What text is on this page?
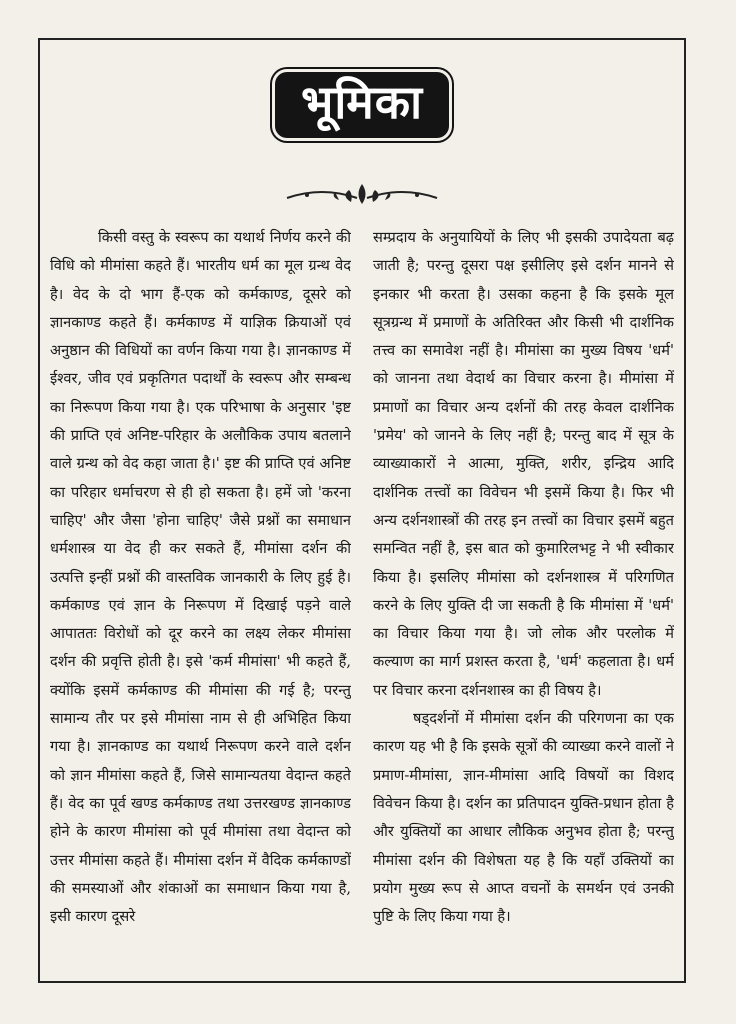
भूमिका

किसी वस्तु के स्वरूप का यथार्थ निर्णय करने की विधि को मीमांसा कहते हैं। भारतीय धर्म का मूल ग्रन्थ वेद है। वेद के दो भाग हैं-एक को कर्मकाण्ड, दूसरे को ज्ञानकाण्ड कहते हैं। कर्मकाण्ड में याज्ञिक क्रियाओं एवं अनुष्ठान की विधियों का वर्णन किया गया है। ज्ञानकाण्ड में ईश्वर, जीव एवं प्रकृतिगत पदार्थों के स्वरूप और सम्बन्ध का निरूपण किया गया है। एक परिभाषा के अनुसार 'इष्ट की प्राप्ति एवं अनिष्ट-परिहार के अलौकिक उपाय बतलाने वाले ग्रन्थ को वेद कहा जाता है।' इष्ट की प्राप्ति एवं अनिष्ट का परिहार धर्माचरण से ही हो सकता है। हमें जो 'करना चाहिए' और जैसा 'होना चाहिए' जैसे प्रश्नों का समाधान धर्मशास्त्र या वेद ही कर सकते हैं, मीमांसा दर्शन की उत्पत्ति इन्हीं प्रश्नों की वास्तविक जानकारी के लिए हुई है। कर्मकाण्ड एवं ज्ञान के निरूपण में दिखाई पड़ने वाले आपाततः विरोधों को दूर करने का लक्ष्य लेकर मीमांसा दर्शन की प्रवृत्ति होती है। इसे 'कर्म मीमांसा' भी कहते हैं, क्योंकि इसमें कर्मकाण्ड की मीमांसा की गई है; परन्तु सामान्य तौर पर इसे मीमांसा नाम से ही अभिहित किया गया है। ज्ञानकाण्ड का यथार्थ निरूपण करने वाले दर्शन को ज्ञान मीमांसा कहते हैं, जिसे सामान्यतया वेदान्त कहते हैं। वेद का पूर्व खण्ड कर्मकाण्ड तथा उत्तरखण्ड ज्ञानकाण्ड होने के कारण मीमांसा को पूर्व मीमांसा तथा वेदान्त को उत्तर मीमांसा कहते हैं। मीमांसा दर्शन में वैदिक कर्मकाण्डों की समस्याओं और शंकाओं का समाधान किया गया है, इसी कारण दूसरे

सम्प्रदाय के अनुयायियों के लिए भी इसकी उपादेयता बढ़ जाती है; परन्तु दूसरा पक्ष इसीलिए इसे दर्शन मानने से इनकार भी करता है। उसका कहना है कि इसके मूल सूत्रग्रन्थ में प्रमाणों के अतिरिक्त और किसी भी दार्शनिक तत्त्व का समावेश नहीं है। मीमांसा का मुख्य विषय 'धर्म' को जानना तथा वेदार्थ का विचार करना है। मीमांसा में प्रमाणों का विचार अन्य दर्शनों की तरह केवल दार्शनिक 'प्रमेय' को जानने के लिए नहीं है; परन्तु बाद में सूत्र के व्याख्याकारों ने आत्मा, मुक्ति, शरीर, इन्द्रिय आदि दार्शनिक तत्त्वों का विवेचन भी इसमें किया है। फिर भी अन्य दर्शनशास्त्रों की तरह इन तत्त्वों का विचार इसमें बहुत समन्वित नहीं है, इस बात को कुमारिलभट्ट ने भी स्वीकार किया है। इसलिए मीमांसा को दर्शनशास्त्र में परिगणित करने के लिए युक्ति दी जा सकती है कि मीमांसा में 'धर्म' का विचार किया गया है। जो लोक और परलोक में कल्याण का मार्ग प्रशस्त करता है, 'धर्म' कहलाता है। धर्म पर विचार करना दर्शनशास्त्र का ही विषय है।

षड्दर्शनों में मीमांसा दर्शन की परिगणना का एक कारण यह भी है कि इसके सूत्रों की व्याख्या करने वालों ने प्रमाण-मीमांसा, ज्ञान-मीमांसा आदि विषयों का विशद विवेचन किया है। दर्शन का प्रतिपादन युक्ति-प्रधान होता है और युक्तियों का आधार लौकिक अनुभव होता है; परन्तु मीमांसा दर्शन की विशेषता यह है कि यहाँ उक्तियों का प्रयोग मुख्य रूप से आप्त वचनों के समर्थन एवं उनकी पुष्टि के लिए किया गया है।
